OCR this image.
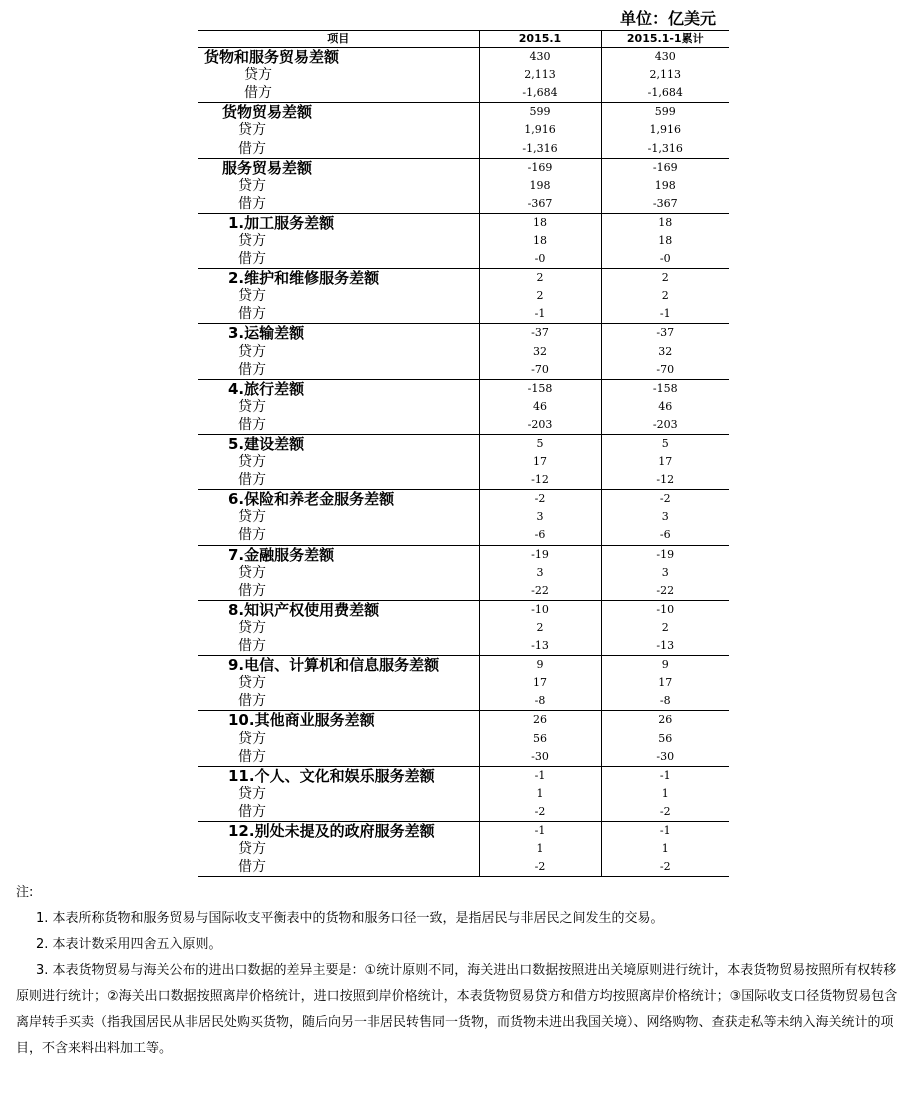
单位：亿美元
项目	2015.1	2015.1-1累计
货物和服务贸易差额	430	430
贷方	2,113	2,113
借方	-1,684	-1,684
货物贸易差额	599	599
贷方	1,916	1,916
借方	-1,316	-1,316
服务贸易差额	-169	-169
贷方	198	198
借方	-367	-367
1.加工服务差额	18	18
贷方	18	18
借方	-0	-0
2.维护和维修服务差额	2	2
贷方	2	2
借方	-1	-1
3.运输差额	-37	-37
贷方	32	32
借方	-70	-70
4.旅行差额	-158	-158
贷方	46	46
借方	-203	-203
5.建设差额	5	5
贷方	17	17
借方	-12	-12
6.保险和养老金服务差额	-2	-2
贷方	3	3
借方	-6	-6
7.金融服务差额	-19	-19
贷方	3	3
借方	-22	-22
8.知识产权使用费差额	-10	-10
贷方	2	2
借方	-13	-13
9.电信、计算机和信息服务差额	9	9
贷方	17	17
借方	-8	-8
10.其他商业服务差额	26	26
贷方	56	56
借方	-30	-30
11.个人、文化和娱乐服务差额	-1	-1
贷方	1	1
借方	-2	-2
12.别处未提及的政府服务差额	-1	-1
贷方	1	1
借方	-2	-2

注:

1. 本表所称货物和服务贸易与国际收支平衡表中的货物和服务口径一致，是指居民与非居民之间发生的交易。

2. 本表计数采用四舍五入原则。

3. 本表货物贸易与海关公布的进出口数据的差异主要是：①统计原则不同，海关进出口数据按照进出关境原则进行统计，本表货物贸易按照所有权转移原则进行统计；②海关出口数据按照离岸价格统计，进口按照到岸价格统计，本表货物贸易贷方和借方均按照离岸价格统计；③国际收支口径货物贸易包含离岸转手买卖（指我国居民从非居民处购买货物，随后向另一非居民转售同一货物，而货物未进出我国关境）、网络购物、查获走私等未纳入海关统计的项目，不含来料出料加工等。
